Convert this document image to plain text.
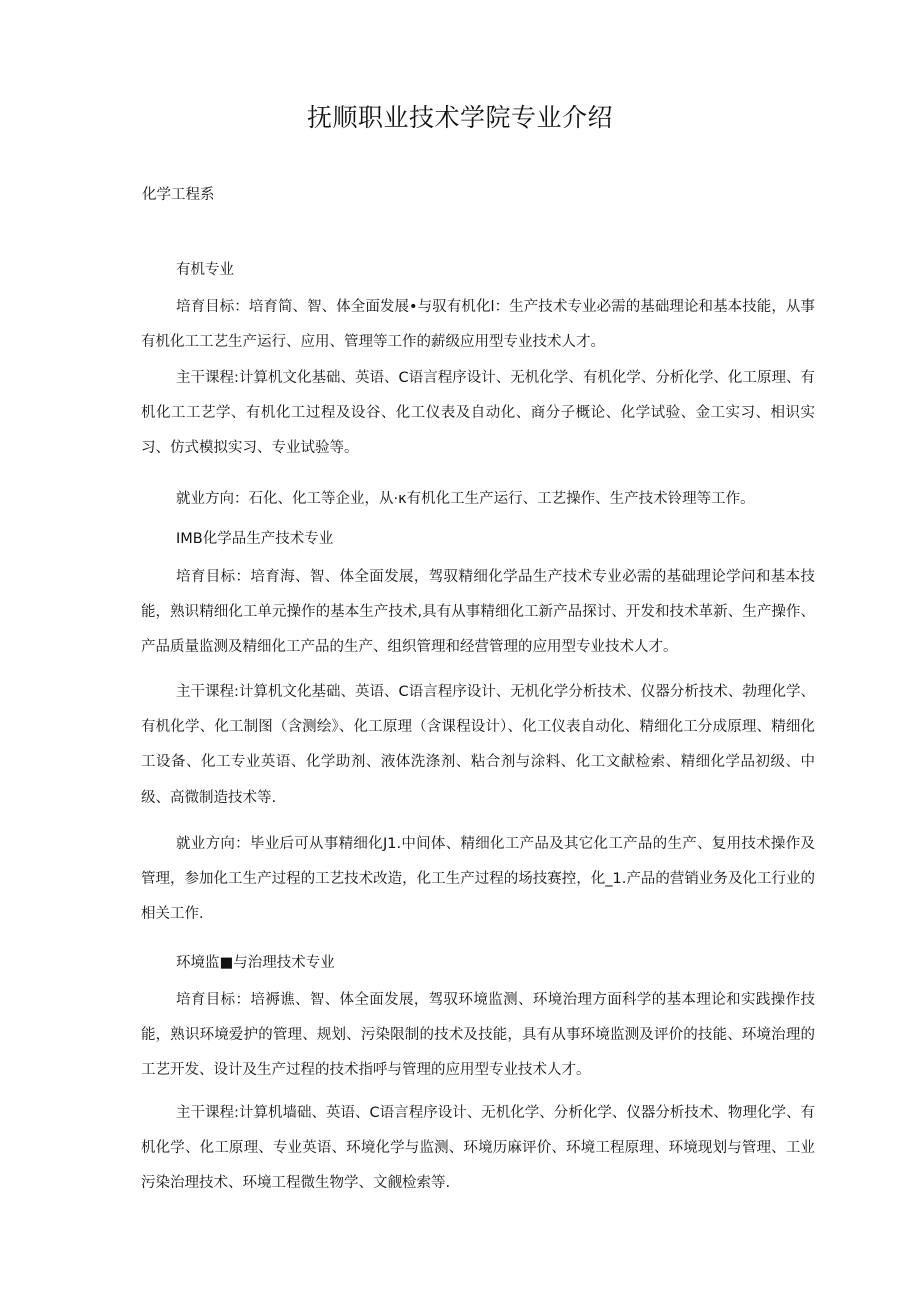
抚顺职业技术学院专业介绍
化学工程系
有机专业
培育目标：培育简、智、体全面发展•与驭有机化l：生产技术专业必需的基础理论和基本技能，从事有机化工工艺生产运行、应用、管理等工作的薪级应用型专业技术人才。
主干课程:计算机文化基础、英语、C语言程序设计、无机化学、有机化学、分析化学、化工原理、有机化工工艺学、有机化工过程及设谷、化工仪表及自动化、商分子概论、化学试验、金工实习、相识实习、仿式模拟实习、专业试验等。
就业方向：石化、化工等企业，从·κ有机化工生产运行、工艺操作、生产技术铃理等工作。
IMB化学品生产技术专业
培育目标：培育海、智、体全面发展，驾驭精细化学品生产技术专业必需的基础理论学问和基本技能，熟识精细化工单元操作的基本生产技术,具有从事精细化工新产品探讨、开发和技术革新、生产操作、产品质量监测及精细化工产品的生产、组织管理和经营管理的应用型专业技术人才。
主干课程:计算机文化基础、英语、C语言程序设计、无机化学分析技术、仪器分析技术、勃理化学、有机化学、化工制图（含测绘》、化工原理（含课程设计）、化工仪表自动化、精细化工分成原理、精细化工设备、化工专业英语、化学助剂、液体洗涤剂、粘合剂与涂料、化工文献检索、精细化学品初级、中级、高微制造技术等.
就业方向：毕业后可从事精细化J1.中间体、精细化工产品及其它化工产品的生产、复用技术操作及管理，参加化工生产过程的工艺技术改造，化工生产过程的场技赛控，化_1.产品的营销业务及化工行业的相关工作.
环境监■与治理技术专业
培育目标：培褥谯、智、体全面发展，驾驭环境监测、环境治理方面科学的基本理论和实践操作技能，熟识环境爱护的管理、规划、污染限制的技术及技能，具有从事环境监测及评价的技能、环境治理的工艺开发、设计及生产过程的技术指呼与管理的应用型专业技术人才。
主干课程:计算机墙础、英语、C语言程序设计、无机化学、分析化学、仪器分析技术、物理化学、有机化学、化工原理、专业英语、环境化学与监测、环境历麻评价、环境工程原理、环境现划与管理、工业污染治理技术、环境工程微生物学、文觎检索等.
